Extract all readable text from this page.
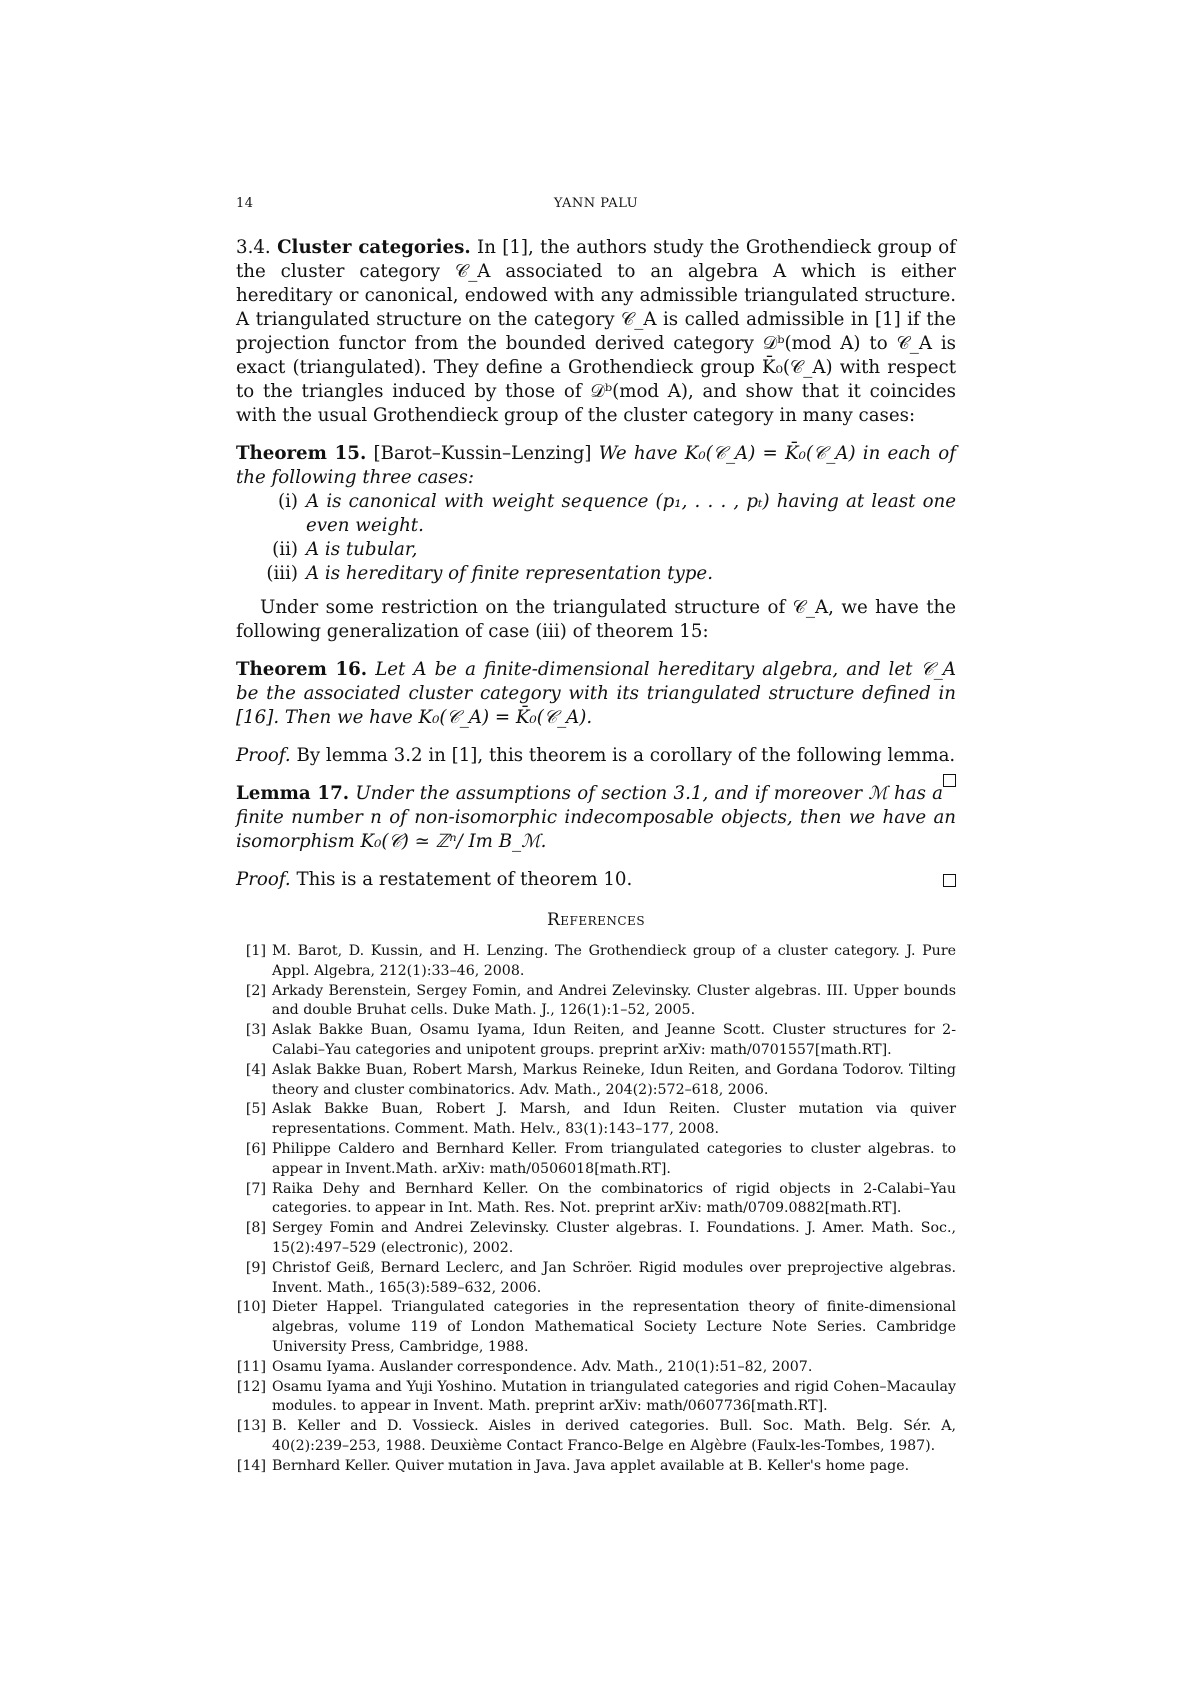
14	YANN PALU

3.4. Cluster categories. In [1], the authors study the Grothendieck group of the cluster category 𝒞_A associated to an algebra A which is either hereditary or canonical, endowed with any admissible triangulated structure. A triangulated structure on the category 𝒞_A is called admissible in [1] if the projection functor from the bounded derived category 𝒟ᵇ(mod A) to 𝒞_A is exact (triangulated). They define a Grothendieck group K̄₀(𝒞_A) with respect to the triangles induced by those of 𝒟ᵇ(mod A), and show that it coincides with the usual Grothendieck group of the cluster category in many cases:

Theorem 15. [Barot–Kussin–Lenzing] We have K₀(𝒞_A) = K̄₀(𝒞_A) in each of the following three cases:

(i) A is canonical with weight sequence (p₁, . . . , pₜ) having at least one even weight.
(ii) A is tubular,
(iii) A is hereditary of finite representation type.

Under some restriction on the triangulated structure of 𝒞_A, we have the following generalization of case (iii) of theorem 15:

Theorem 16. Let A be a finite-dimensional hereditary algebra, and let 𝒞_A be the associated cluster category with its triangulated structure defined in [16]. Then we have K₀(𝒞_A) = K̄₀(𝒞_A).

Proof. By lemma 3.2 in [1], this theorem is a corollary of the following lemma.

Lemma 17. Under the assumptions of section 3.1, and if moreover ℳ has a finite number n of non-isomorphic indecomposable objects, then we have an isomorphism K₀(𝒞) ≃ ℤⁿ/ Im B_ℳ.

Proof. This is a restatement of theorem 10.

References
[1] M. Barot, D. Kussin, and H. Lenzing. The Grothendieck group of a cluster category. J. Pure Appl. Algebra, 212(1):33–46, 2008.
[2] Arkady Berenstein, Sergey Fomin, and Andrei Zelevinsky. Cluster algebras. III. Upper bounds and double Bruhat cells. Duke Math. J., 126(1):1–52, 2005.
[3] Aslak Bakke Buan, Osamu Iyama, Idun Reiten, and Jeanne Scott. Cluster structures for 2-Calabi–Yau categories and unipotent groups. preprint arXiv: math/0701557[math.RT].
[4] Aslak Bakke Buan, Robert Marsh, Markus Reineke, Idun Reiten, and Gordana Todorov. Tilting theory and cluster combinatorics. Adv. Math., 204(2):572–618, 2006.
[5] Aslak Bakke Buan, Robert J. Marsh, and Idun Reiten. Cluster mutation via quiver representations. Comment. Math. Helv., 83(1):143–177, 2008.
[6] Philippe Caldero and Bernhard Keller. From triangulated categories to cluster algebras. to appear in Invent.Math. arXiv: math/0506018[math.RT].
[7] Raika Dehy and Bernhard Keller. On the combinatorics of rigid objects in 2-Calabi–Yau categories. to appear in Int. Math. Res. Not. preprint arXiv: math/0709.0882[math.RT].
[8] Sergey Fomin and Andrei Zelevinsky. Cluster algebras. I. Foundations. J. Amer. Math. Soc., 15(2):497–529 (electronic), 2002.
[9] Christof Geiß, Bernard Leclerc, and Jan Schröer. Rigid modules over preprojective algebras. Invent. Math., 165(3):589–632, 2006.
[10] Dieter Happel. Triangulated categories in the representation theory of finite-dimensional algebras, volume 119 of London Mathematical Society Lecture Note Series. Cambridge University Press, Cambridge, 1988.
[11] Osamu Iyama. Auslander correspondence. Adv. Math., 210(1):51–82, 2007.
[12] Osamu Iyama and Yuji Yoshino. Mutation in triangulated categories and rigid Cohen–Macaulay modules. to appear in Invent. Math. preprint arXiv: math/0607736[math.RT].
[13] B. Keller and D. Vossieck. Aisles in derived categories. Bull. Soc. Math. Belg. Sér. A, 40(2):239–253, 1988. Deuxième Contact Franco-Belge en Algèbre (Faulx-les-Tombes, 1987).
[14] Bernhard Keller. Quiver mutation in Java. Java applet available at B. Keller's home page.
